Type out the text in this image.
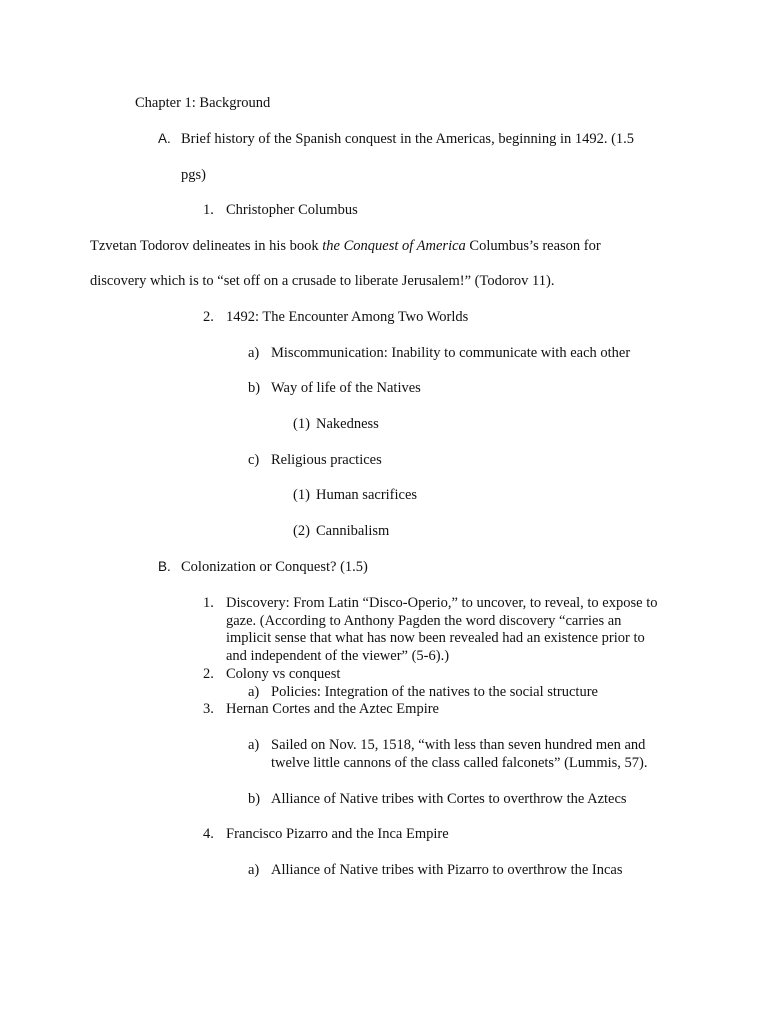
Chapter 1: Background
A. Brief history of the Spanish conquest in the Americas, beginning in 1492. (1.5
pgs)
1. Christopher Columbus
Tzvetan Todorov delineates in his book the Conquest of America Columbus’s reason for
discovery which is to “set off on a crusade to liberate Jerusalem!” (Todorov 11).
2. 1492: The Encounter Among Two Worlds
a) Miscommunication: Inability to communicate with each other
b) Way of life of the Natives
(1) Nakedness
c) Religious practices
(1) Human sacrifices
(2) Cannibalism
B. Colonization or Conquest? (1.5)
1. Discovery: From Latin “Disco-Operio,” to uncover, to reveal, to expose to
gaze. (According to Anthony Pagden the word discovery “carries an
implicit sense that what has now been revealed had an existence prior to
and independent of the viewer” (5-6).)
2. Colony vs conquest
a) Policies: Integration of the natives to the social structure
3. Hernan Cortes and the Aztec Empire
a) Sailed on Nov. 15, 1518, “with less than seven hundred men and
twelve little cannons of the class called falconets” (Lummis, 57).
b) Alliance of Native tribes with Cortes to overthrow the Aztecs
4. Francisco Pizarro and the Inca Empire
a) Alliance of Native tribes with Pizarro to overthrow the Incas
